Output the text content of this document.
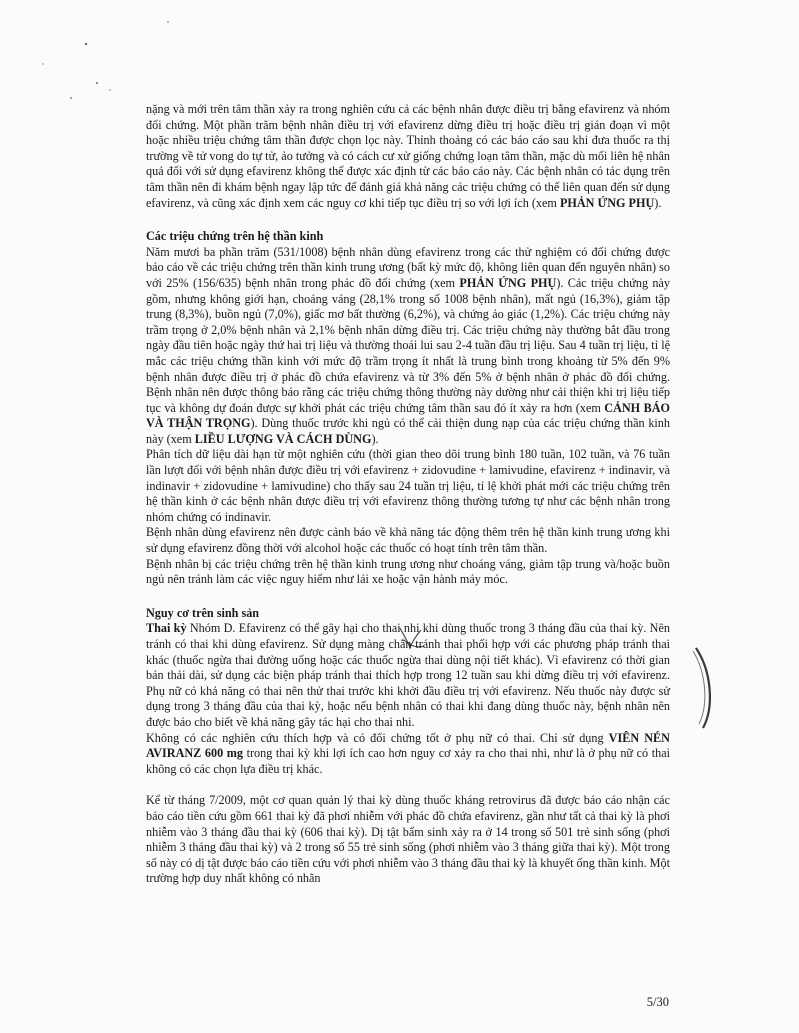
nặng và mới trên tâm thần xảy ra trong nghiên cứu cả các bệnh nhân được điều trị bằng efavirenz và nhóm đối chứng. Một phần trăm bệnh nhân điều trị với efavirenz dừng điều trị hoặc điều trị gián đoạn vì một hoặc nhiều triệu chứng tâm thần được chọn lọc này. Thỉnh thoảng có các báo cáo sau khi đưa thuốc ra thị trường về tử vong do tự tử, ảo tưởng và có cách cư xử giống chứng loạn tâm thần, mặc dù mối liên hệ nhân quả đối với sử dụng efavirenz không thể được xác định từ các báo cáo này. Các bệnh nhân có tác dụng trên tâm thần nên đi khám bệnh ngay lập tức để đánh giá khả năng các triệu chứng có thể liên quan đến sử dụng efavirenz, và cũng xác định xem các nguy cơ khi tiếp tục điều trị so với lợi ích (xem PHẢN ỨNG PHỤ).

Các triệu chứng trên hệ thần kinh

Năm mươi ba phần trăm (531/1008) bệnh nhân dùng efavirenz trong các thử nghiệm có đối chứng được báo cáo về các triệu chứng trên thần kinh trung ương (bất kỳ mức độ, không liên quan đến nguyên nhân) so với 25% (156/635) bệnh nhân trong phác đồ đối chứng (xem PHẢN ỨNG PHỤ). Các triệu chứng này gồm, nhưng không giới hạn, choáng váng (28,1% trong số 1008 bệnh nhân), mất ngủ (16,3%), giảm tập trung (8,3%), buồn ngủ (7,0%), giấc mơ bất thường (6,2%), và chứng ảo giác (1,2%). Các triệu chứng này trầm trọng ở 2,0% bệnh nhân và 2,1% bệnh nhân dừng điều trị. Các triệu chứng này thường bắt đầu trong ngày đầu tiên hoặc ngày thứ hai trị liệu và thường thoái lui sau 2-4 tuần đầu trị liệu. Sau 4 tuần trị liệu, tỉ lệ mắc các triệu chứng thần kinh với mức độ trầm trọng ít nhất là trung bình trong khoảng từ 5% đến 9% bệnh nhân được điều trị ở phác đồ chứa efavirenz và từ 3% đến 5% ở bệnh nhân ở phác đồ đối chứng. Bệnh nhân nên được thông báo rằng các triệu chứng thông thường này dường như cải thiện khi trị liệu tiếp tục và không dự đoán được sự khởi phát các triệu chứng tâm thần sau đó ít xảy ra hơn (xem CẢNH BÁO VÀ THẬN TRỌNG). Dùng thuốc trước khi ngủ có thể cải thiện dung nạp của các triệu chứng thần kinh này (xem LIỀU LƯỢNG VÀ CÁCH DÙNG).

Phân tích dữ liệu dài hạn từ một nghiên cứu (thời gian theo dõi trung bình 180 tuần, 102 tuần, và 76 tuần lần lượt đối với bệnh nhân được điều trị với efavirenz + zidovudine + lamivudine, efavirenz + indinavir, và indinavir + zidovudine + lamivudine) cho thấy sau 24 tuần trị liệu, tỉ lệ khởi phát mới các triệu chứng trên hệ thần kinh ở các bệnh nhân được điều trị với efavirenz thông thường tương tự như các bệnh nhân trong nhóm chứng có indinavir.

Bệnh nhân dùng efavirenz nên được cảnh báo về khả năng tác động thêm trên hệ thần kinh trung ương khi sử dụng efavirenz đồng thời với alcohol hoặc các thuốc có hoạt tính trên tâm thần.

Bệnh nhân bị các triệu chứng trên hệ thần kinh trung ương như choáng váng, giảm tập trung và/hoặc buồn ngủ nên tránh làm các việc nguy hiểm như lái xe hoặc vận hành máy móc.

Nguy cơ trên sinh sản

Thai kỳ Nhóm D. Efavirenz có thể gây hại cho thai nhi khi dùng thuốc trong 3 tháng đầu của thai kỳ. Nên tránh có thai khi dùng efavirenz. Sử dụng màng chắn tránh thai phối hợp với các phương pháp tránh thai khác (thuốc ngừa thai đường uống hoặc các thuốc ngừa thai dùng nội tiết khác). Vì efavirenz có thời gian bán thải dài, sử dụng các biện pháp tránh thai thích hợp trong 12 tuần sau khi dừng điều trị với efavirenz. Phụ nữ có khả năng có thai nên thử thai trước khi khởi đầu điều trị với efavirenz. Nếu thuốc này được sử dụng trong 3 tháng đầu của thai kỳ, hoặc nếu bệnh nhân có thai khi đang dùng thuốc này, bệnh nhân nên được báo cho biết về khả năng gây tác hại cho thai nhi.

Không có các nghiên cứu thích hợp và có đối chứng tốt ở phụ nữ có thai. Chỉ sử dụng VIÊN NÉN AVIRANZ 600 mg trong thai kỳ khi lợi ích cao hơn nguy cơ xảy ra cho thai nhi, như là ở phụ nữ có thai không có các chọn lựa điều trị khác.

Kể từ tháng 7/2009, một cơ quan quản lý thai kỳ dùng thuốc kháng retrovirus đã được báo cáo nhận các báo cáo tiền cứu gồm 661 thai kỳ đã phơi nhiễm với phác đồ chứa efavirenz, gần như tất cả thai kỳ là phơi nhiễm vào 3 tháng đầu thai kỳ (606 thai kỳ). Dị tật bẩm sinh xảy ra ở 14 trong số 501 trẻ sinh sống (phơi nhiễm 3 tháng đầu thai kỳ) và 2 trong số 55 trẻ sinh sống (phơi nhiễm vào 3 tháng giữa thai kỳ). Một trong số này có dị tật được báo cáo tiền cứu với phơi nhiễm vào 3 tháng đầu thai kỳ là khuyết ống thần kinh. Một trường hợp duy nhất không có nhãn

5/30
